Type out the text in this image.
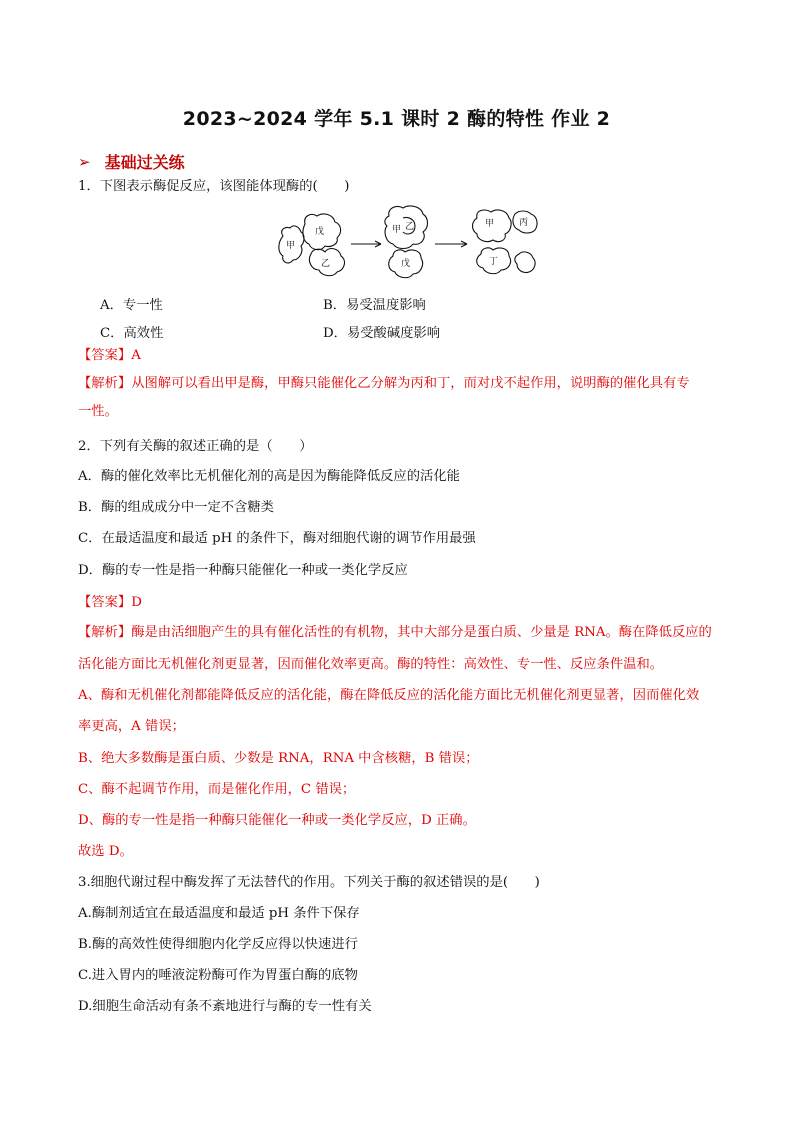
2023~2024 学年 5.1 课时 2 酶的特性 作业 2
➢ 基础过关练
1．下图表示酶促反应，该图能体现酶的(　　)
甲
戊
乙
甲 乙
戊
甲	丙
丁
A．专一性	B．易受温度影响
C．高效性	D．易受酸碱度影响
【答案】A
【解析】从图解可以看出甲是酶，甲酶只能催化乙分解为丙和丁，而对戊不起作用，说明酶的催化具有专
一性。
2．下列有关酶的叙述正确的是（　　）
A．酶的催化效率比无机催化剂的高是因为酶能降低反应的活化能
B．酶的组成成分中一定不含糖类
C．在最适温度和最适 pH 的条件下，酶对细胞代谢的调节作用最强
D．酶的专一性是指一种酶只能催化一种或一类化学反应
【答案】D
【解析】酶是由活细胞产生的具有催化活性的有机物，其中大部分是蛋白质、少量是 RNA。酶在降低反应的
活化能方面比无机催化剂更显著，因而催化效率更高。酶的特性：高效性、专一性、反应条件温和。
A、酶和无机催化剂都能降低反应的活化能，酶在降低反应的活化能方面比无机催化剂更显著，因而催化效
率更高，A 错误；
B、绝大多数酶是蛋白质、少数是 RNA，RNA 中含核糖，B 错误；
C、酶不起调节作用，而是催化作用，C 错误；
D、酶的专一性是指一种酶只能催化一种或一类化学反应，D 正确。
故选 D。
3.细胞代谢过程中酶发挥了无法替代的作用。下列关于酶的叙述错误的是(　　)
A.酶制剂适宜在最适温度和最适 pH 条件下保存
B.酶的高效性使得细胞内化学反应得以快速进行
C.进入胃内的唾液淀粉酶可作为胃蛋白酶的底物
D.细胞生命活动有条不紊地进行与酶的专一性有关
